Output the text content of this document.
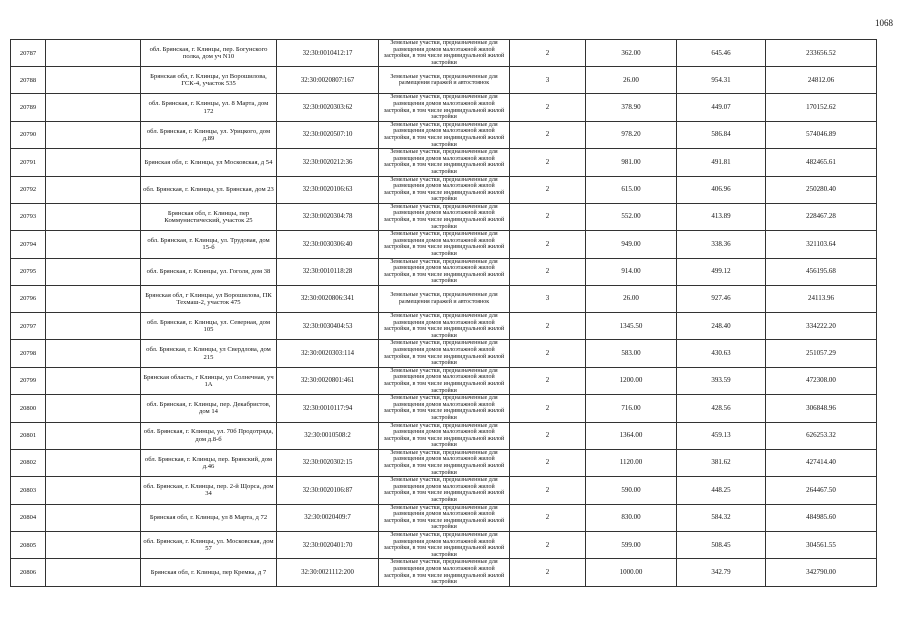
1068
20787		обл. Брянская, г. Клинцы, пер. Богунского полка, дом уч N10	32:30:0010412:17	Земельные участки, предназначенные для размещения домов малоэтажной жилой застройки, в том числе индивидуальной жилой застройки	2	362.00	645.46	233656.52
20788		Брянская обл, г. Клинцы, ул Ворошилова, ГСК-4, участок 535	32:30:0020807:167	Земельные участки, предназначенные для размещения гаражей и автостоянок	3	26.00	954.31	24812.06
20789		обл. Брянская, г. Клинцы, ул. 8 Марта, дом 172	32:30:0020303:62	Земельные участки, предназначенные для размещения домов малоэтажной жилой застройки, в том числе индивидуальной жилой застройки	2	378.90	449.07	170152.62
20790		обл. Брянская, г. Клинцы, ул. Урицкого, дом д.89	32:30:0020507:10	Земельные участки, предназначенные для размещения домов малоэтажной жилой застройки, в том числе индивидуальной жилой застройки	2	978.20	586.84	574046.89
20791		Брянская обл, г. Клинцы, ул Московская, д 54	32:30:0020212:36	Земельные участки, предназначенные для размещения домов малоэтажной жилой застройки, в том числе индивидуальной жилой застройки	2	981.00	491.81	482465.61
20792		обл. Брянская, г. Клинцы, ул. Брянская, дом 23	32:30:0020106:63	Земельные участки, предназначенные для размещения домов малоэтажной жилой застройки, в том числе индивидуальной жилой застройки	2	615.00	406.96	250280.40
20793		Брянская обл, г. Клинцы, пер Коммунистический, участок 25	32:30:0020304:78	Земельные участки, предназначенные для размещения домов малоэтажной жилой застройки, в том числе индивидуальной жилой застройки	2	552.00	413.89	228467.28
20794		обл. Брянская, г. Клинцы, ул. Трудовая, дом 15-б	32:30:0030306:40	Земельные участки, предназначенные для размещения домов малоэтажной жилой застройки, в том числе индивидуальной жилой застройки	2	949.00	338.36	321103.64
20795		обл. Брянская, г. Клинцы, ул. Гоголя, дом 38	32:30:0010118:28	Земельные участки, предназначенные для размещения домов малоэтажной жилой застройки, в том числе индивидуальной жилой застройки	2	914.00	499.12	456195.68
20796		Брянская обл, г Клинцы, ул Ворошилова, ПК Техмаш-2, участок 475	32:30:0020806:341	Земельные участки, предназначенные для размещения гаражей и автостоянок	3	26.00	927.46	24113.96
20797		обл. Брянская, г. Клинцы, ул. Северная, дом 105	32:30:0030404:53	Земельные участки, предназначенные для размещения домов малоэтажной жилой застройки, в том числе индивидуальной жилой застройки	2	1345.50	248.40	334222.20
20798		обл. Брянская, г. Клинцы, ул Свердлова, дом 215	32:30:0020303:114	Земельные участки, предназначенные для размещения домов малоэтажной жилой застройки, в том числе индивидуальной жилой застройки	2	583.00	430.63	251057.29
20799		Брянская область, г Клинцы, ул Солнечная, уч 1А	32:30:0020801:461	Земельные участки, предназначенные для размещения домов малоэтажной жилой застройки, в том числе индивидуальной жилой застройки	2	1200.00	393.59	472308.00
20800		обл. Брянская, г. Клинцы, пер. Декабристов, дом 14	32:30:0010117:94	Земельные участки, предназначенные для размещения домов малоэтажной жилой застройки, в том числе индивидуальной жилой застройки	2	716.00	428.56	306848.96
20801		обл. Брянская, г. Клинцы, ул. 70б Продотряда, дом д.8-б	32:30:0010508:2	Земельные участки, предназначенные для размещения домов малоэтажной жилой застройки, в том числе индивидуальной жилой застройки	2	1364.00	459.13	626253.32
20802		обл. Брянская, г. Клинцы, пер. Брянский, дом д.46	32:30:0020302:15	Земельные участки, предназначенные для размещения домов малоэтажной жилой застройки, в том числе индивидуальной жилой застройки	2	1120.00	381.62	427414.40
20803		обл. Брянская, г. Клинцы, пер. 2-й Щорса, дом 34	32:30:0020106:87	Земельные участки, предназначенные для размещения домов малоэтажной жилой застройки, в том числе индивидуальной жилой застройки	2	590.00	448.25	264467.50
20804		Брянская обл, г. Клинцы, ул 8 Марта, д 72	32:30:0020409:7	Земельные участки, предназначенные для размещения домов малоэтажной жилой застройки, в том числе индивидуальной жилой застройки	2	830.00	584.32	484985.60
20805		обл. Брянская, г. Клинцы, ул. Московская, дом 57	32:30:0020401:70	Земельные участки, предназначенные для размещения домов малоэтажной жилой застройки, в том числе индивидуальной жилой застройки	2	599.00	508.45	304561.55
20806		Брянская обл, г. Клинцы, пер Кремка, д 7	32:30:0021112:200	Земельные участки, предназначенные для размещения домов малоэтажной жилой застройки, в том числе индивидуальной жилой застройки	2	1000.00	342.79	342790.00
